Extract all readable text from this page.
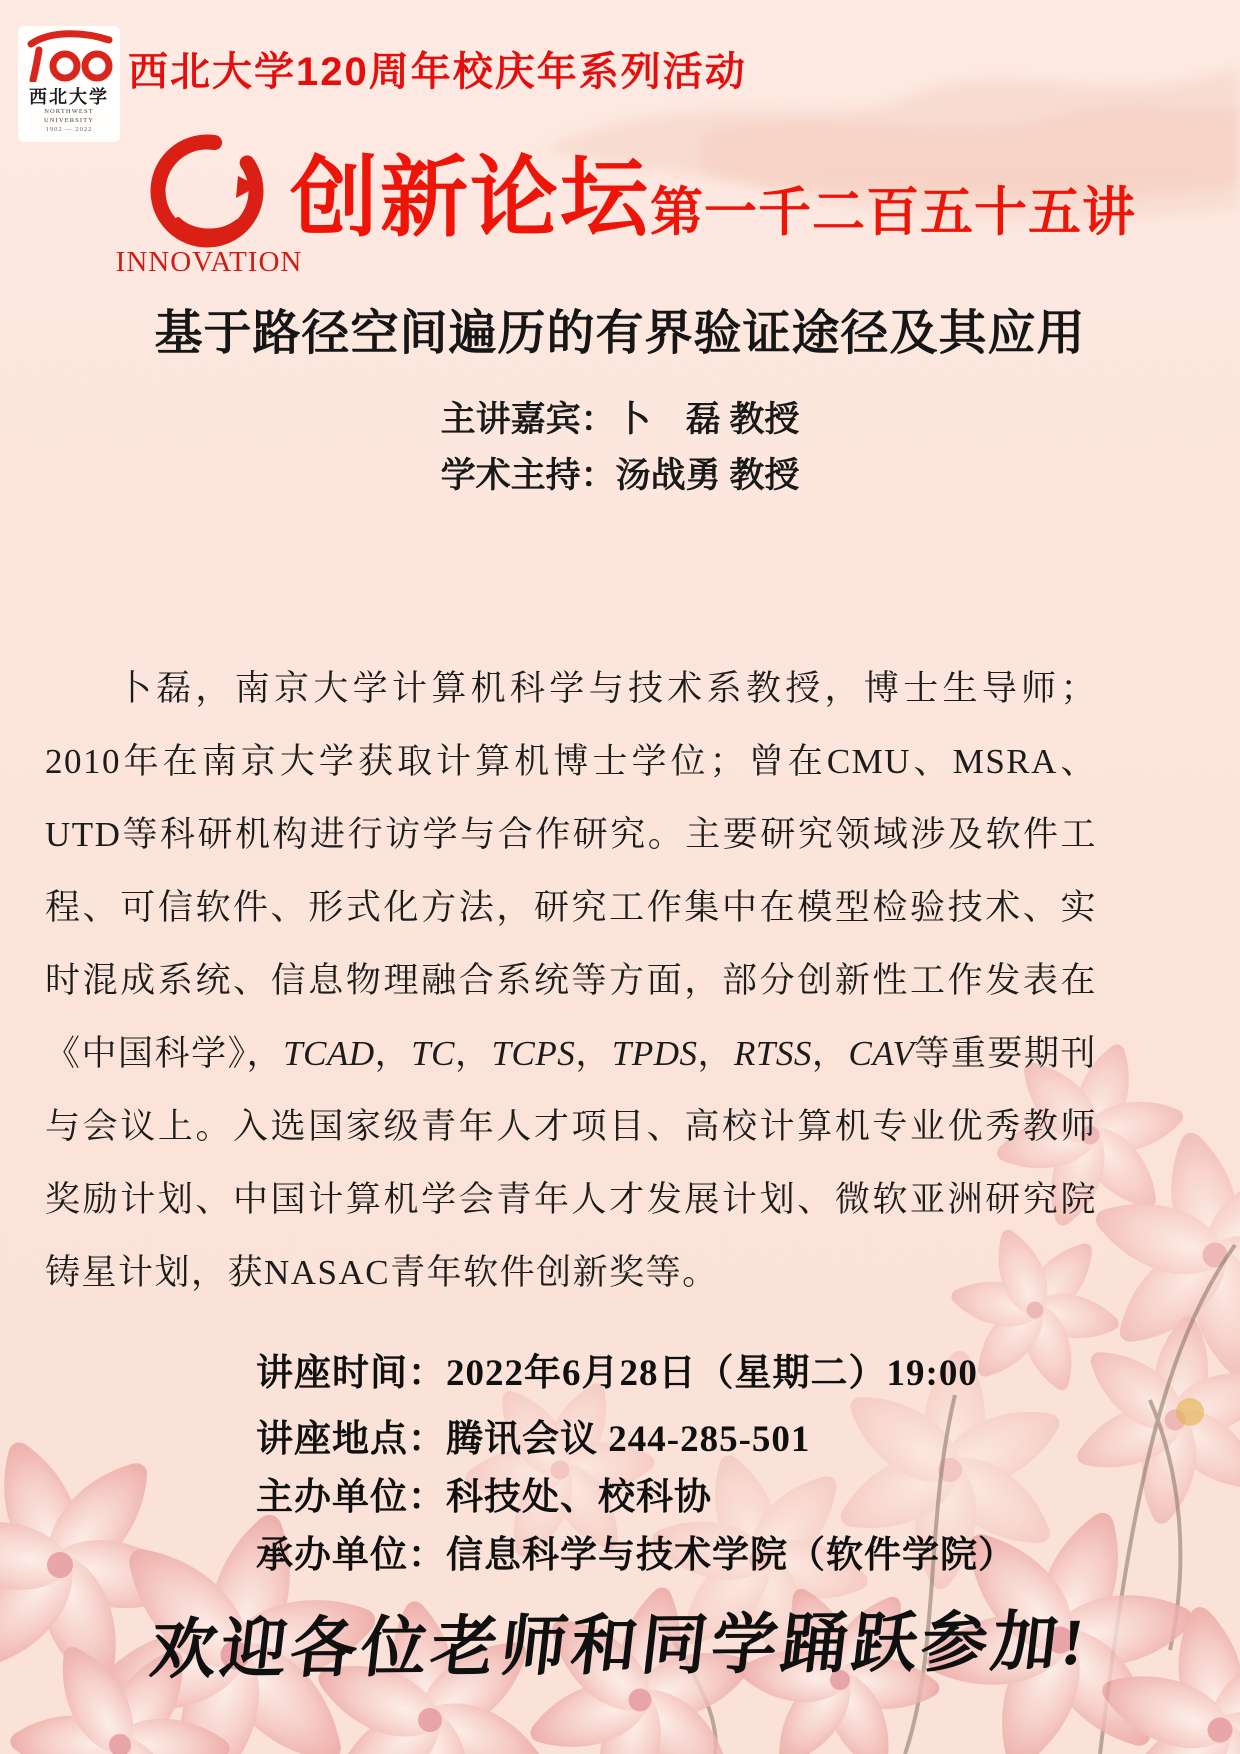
西北大学
NORTHWEST UNIVERSITY
1902 — 2022
西北大学120周年校庆年系列活动
INNOVATION
创新论坛 第一千二百五十五讲
基于路径空间遍历的有界验证途径及其应用
主讲嘉宾：卜　磊 教授
学术主持：汤战勇 教授
卜磊，南京大学计算机科学与技术系教授，博士生导师；2010年在南京大学获取计算机博士学位；曾在CMU、MSRA、UTD等科研机构进行访学与合作研究。主要研究领域涉及软件工程、可信软件、形式化方法，研究工作集中在模型检验技术、实时混成系统、信息物理融合系统等方面，部分创新性工作发表在《中国科学》，TCAD，TC，TCPS，TPDS，RTSS，CAV等重要期刊与会议上。入选国家级青年人才项目、高校计算机专业优秀教师奖励计划、中国计算机学会青年人才发展计划、微软亚洲研究院铸星计划，获NASAC青年软件创新奖等。
讲座时间：2022年6月28日（星期二）19:00
讲座地点：腾讯会议 244-285-501
主办单位：科技处、校科协
承办单位：信息科学与技术学院（软件学院）
欢迎各位老师和同学踊跃参加!
